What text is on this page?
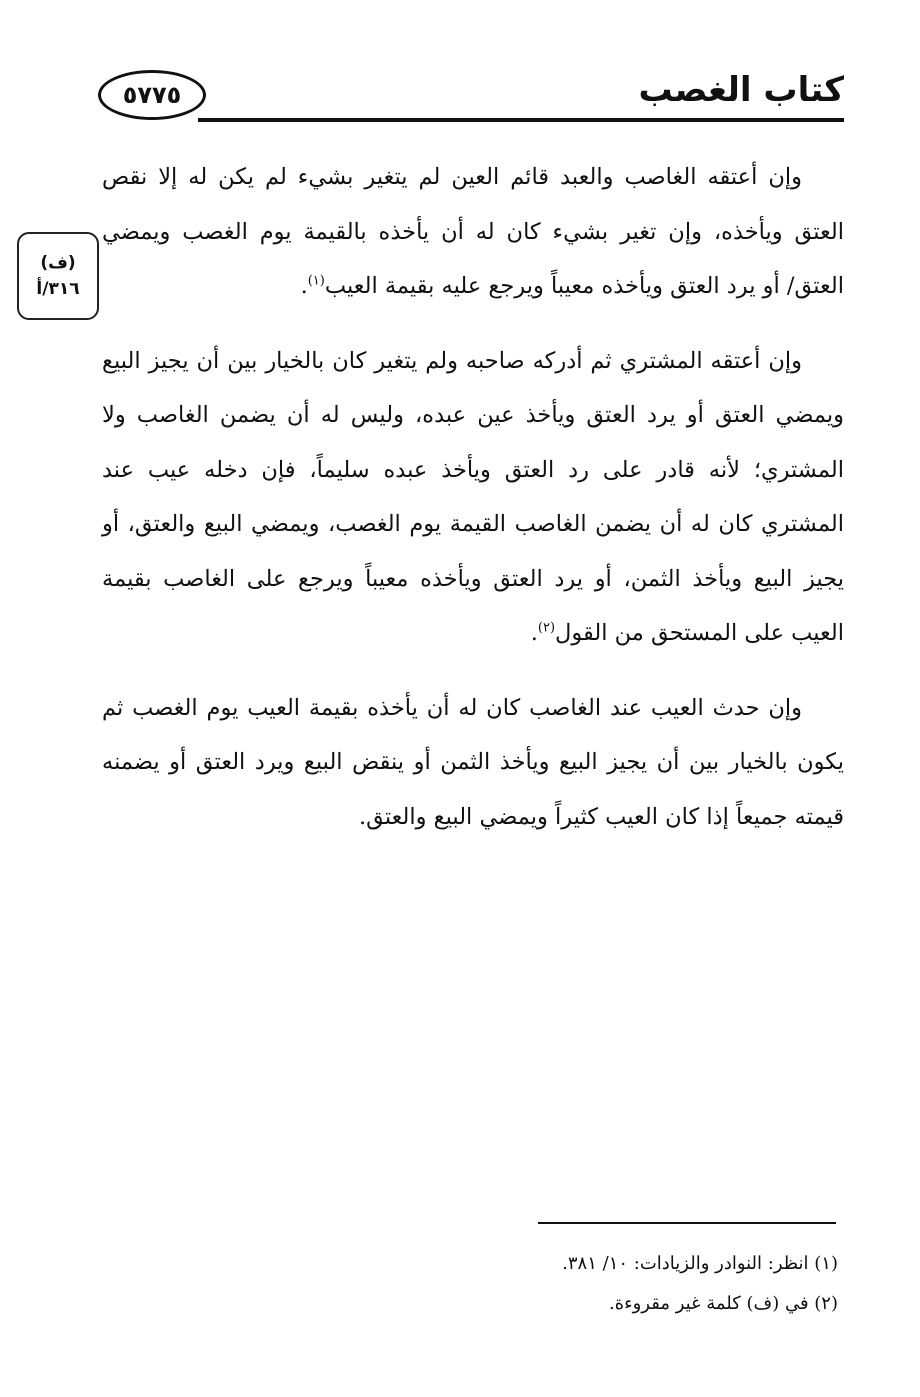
٥٧٧٥	كتاب الغصب
(ف)
٣١٦/أ

وإن أعتقه الغاصب والعبد قائم العين لم يتغير بشيء لم يكن له إلا نقص العتق ويأخذه، وإن تغير بشيء كان له أن يأخذه بالقيمة يوم الغصب ويمضي العتق/ أو يرد العتق ويأخذه معيباً ويرجع عليه بقيمة العيب$^{(١)}$.

وإن أعتقه المشتري ثم أدركه صاحبه ولم يتغير كان بالخيار بين أن يجيز البيع ويمضي العتق أو يرد العتق ويأخذ عين عبده، وليس له أن يضمن الغاصب ولا المشتري؛ لأنه قادر على رد العتق ويأخذ عبده سليماً، فإن دخله عيب عند المشتري كان له أن يضمن الغاصب القيمة يوم الغصب، ويمضي البيع والعتق، أو يجيز البيع ويأخذ الثمن، أو يرد العتق ويأخذه معيباً ويرجع على الغاصب بقيمة العيب على المستحق من القول$^{(٢)}$.

وإن حدث العيب عند الغاصب كان له أن يأخذه بقيمة العيب يوم الغصب ثم يكون بالخيار بين أن يجيز البيع ويأخذ الثمن أو ينقض البيع ويرد العتق أو يضمنه قيمته جميعاً إذا كان العيب كثيراً ويمضي البيع والعتق.

(١) انظر: النوادر والزيادات: ١٠/ ٣٨١.
(٢) في (ف) كلمة غير مقروءة.
